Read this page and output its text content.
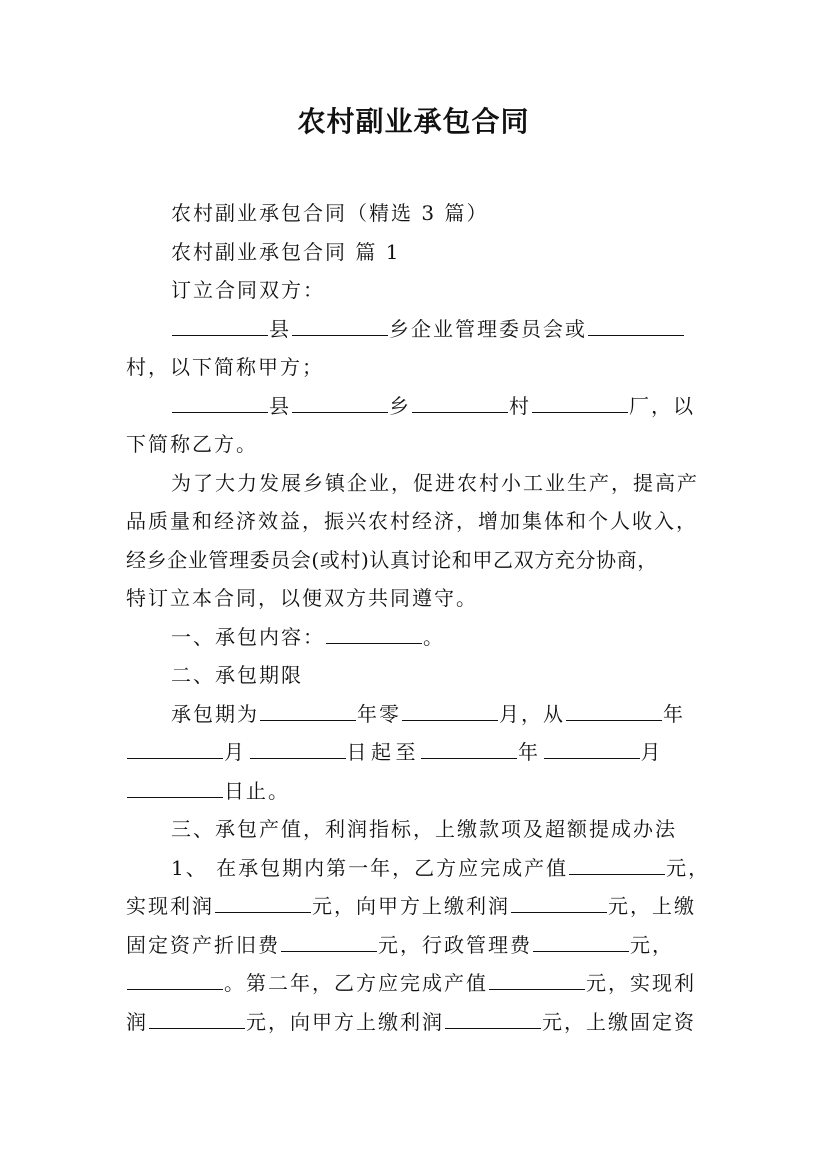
农村副业承包合同

农村副业承包合同（精选 3 篇）

农村副业承包合同 篇 1

订立合同双方：

县	乡企业管理委员会或

村，以下简称甲方；

县	乡	村	厂，以

下简称乙方。

为了大力发展乡镇企业，促进农村小工业生产，提高产

品质量和经济效益，振兴农村经济，增加集体和个人收入，

经乡企业管理委员会(或村)认真讨论和甲乙双方充分协商，

特订立本合同，以便双方共同遵守。

一、承包内容：	。

二、承包期限

承包期为	年零	月，从	年

月	日起至	年	月

日止。

三、承包产值，利润指标，上缴款项及超额提成办法

1、 在承包期内第一年，乙方应完成产值	元，

实现利润	元，向甲方上缴利润	元，上缴

固定资产折旧费	元，行政管理费	元，

。第二年，乙方应完成产值	元，实现利

润	元，向甲方上缴利润	元，上缴固定资
